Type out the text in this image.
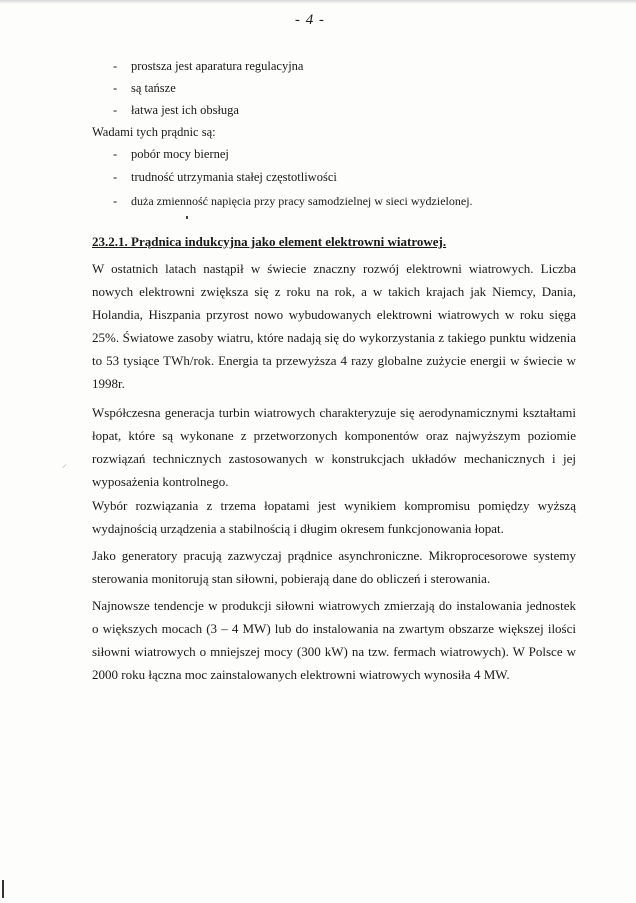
- 4 -
- prostsza jest aparatura regulacyjna
- są tańsze
- łatwa jest ich obsługa
Wadami tych prądnic są:
- pobór mocy biernej
- trudność utrzymania stałej częstotliwości
- duża zmienność napięcia przy pracy samodzielnej w sieci wydzielonej.
23.2.1. Prądnica indukcyjna jako element elektrowni wiatrowej.

W ostatnich latach nastąpił w świecie znaczny rozwój elektrowni wiatrowych. Liczba nowych elektrowni zwiększa się z roku na rok, a w takich krajach jak Niemcy, Dania, Holandia, Hiszpania przyrost nowo wybudowanych elektrowni wiatrowych w roku sięga 25%. Światowe zasoby wiatru, które nadają się do wykorzystania z takiego punktu widzenia to 53 tysiące TWh/rok. Energia ta przewyższa 4 razy globalne zużycie energii w świecie w 1998r.

Współczesna generacja turbin wiatrowych charakteryzuje się aerodynamicznymi kształtami łopat, które są wykonane z przetworzonych komponentów oraz najwyższym poziomie rozwiązań technicznych zastosowanych w konstrukcjach układów mechanicznych i jej wyposażenia kontrolnego.

Wybór rozwiązania z trzema łopatami jest wynikiem kompromisu pomiędzy wyższą wydajnością urządzenia a stabilnością i długim okresem funkcjonowania łopat.

Jako generatory pracują zazwyczaj prądnice asynchroniczne. Mikroprocesorowe systemy sterowania monitorują stan siłowni, pobierają dane do obliczeń i sterowania.

Najnowsze tendencje w produkcji siłowni wiatrowych zmierzają do instalowania jednostek o większych mocach (3 – 4 MW) lub do instalowania na zwartym obszarze większej ilości siłowni wiatrowych o mniejszej mocy (300 kW) na tzw. fermach wiatrowych). W Polsce w 2000 roku łączna moc zainstalowanych elektrowni wiatrowych wynosiła 4 MW.

⸝
